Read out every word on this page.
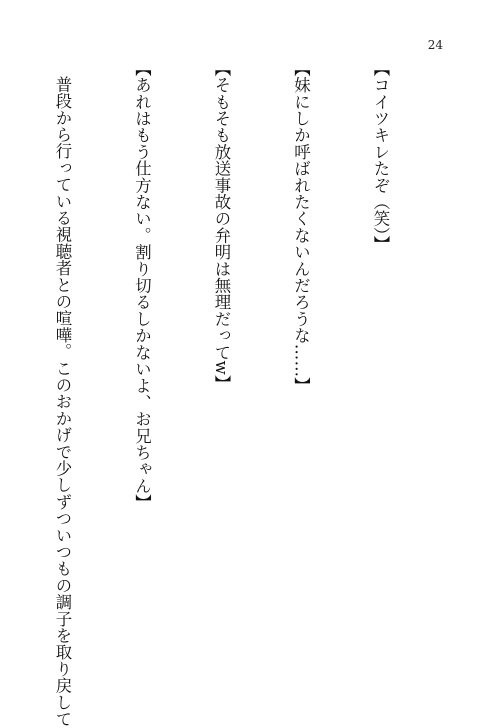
24

【コイツキレたぞ（笑）】

【妹にしか呼ばれたくないんだろうな……】

【そもそも放送事故の弁明は無理だってw】

【あれはもう仕方ない。割り切るしかないよ、お兄ちゃん】

普段から行っている視聴者との喧嘩。このおかげで少しずついつもの調子を取り戻して
